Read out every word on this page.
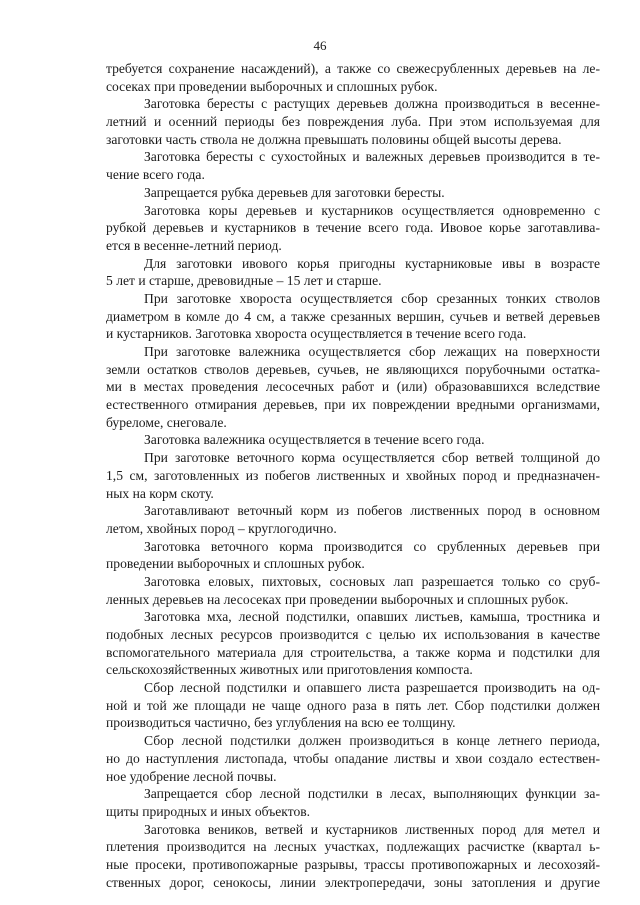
46
требуется сохранение насаждений), а также со свежесрубленных деревьев на ле-
сосеках при проведении выборочных и сплошных рубок.
Заготовка бересты с растущих деревьев должна производиться в весенне-
летний и осенний периоды без повреждения луба. При этом используемая для
заготовки часть ствола не должна превышать половины общей высоты дерева.
Заготовка бересты с сухостойных и валежных деревьев производится в те-
чение всего года.
Запрещается рубка деревьев для заготовки бересты.
Заготовка коры деревьев и кустарников осуществляется одновременно с
рубкой деревьев и кустарников в течение всего года. Ивовое корье заготавлива-
ется в весенне-летний период.
Для заготовки ивового корья пригодны кустарниковые ивы в возрасте
5 лет и старше, древовидные – 15 лет и старше.
При заготовке хвороста осуществляется сбор срезанных тонких стволов
диаметром в комле до 4 см, а также срезанных вершин, сучьев и ветвей деревьев
и кустарников. Заготовка хвороста осуществляется в течение всего года.
При заготовке валежника осуществляется сбор лежащих на поверхности
земли остатков стволов деревьев, сучьев, не являющихся порубочными остатка-
ми в местах проведения лесосечных работ и (или) образовавшихся вследствие
естественного отмирания деревьев, при их повреждении вредными организмами,
буреломе, снеговале.
Заготовка валежника осуществляется в течение всего года.
При заготовке веточного корма осуществляется сбор ветвей толщиной до
1,5 см, заготовленных из побегов лиственных и хвойных пород и предназначен-
ных на корм скоту.
Заготавливают веточный корм из побегов лиственных пород в основном
летом, хвойных пород – круглогодично.
Заготовка веточного корма производится со срубленных деревьев при
проведении выборочных и сплошных рубок.
Заготовка еловых, пихтовых, сосновых лап разрешается только со сруб-
ленных деревьев на лесосеках при проведении выборочных и сплошных рубок.
Заготовка мха, лесной подстилки, опавших листьев, камыша, тростника и
подобных лесных ресурсов производится с целью их использования в качестве
вспомогательного материала для строительства, а также корма и подстилки для
сельскохозяйственных животных или приготовления компоста.
Сбор лесной подстилки и опавшего листа разрешается производить на од-
ной и той же площади не чаще одного раза в пять лет. Сбор подстилки должен
производиться частично, без углубления на всю ее толщину.
Сбор лесной подстилки должен производиться в конце летнего периода,
но до наступления листопада, чтобы опадание листвы и хвои создало естествен-
ное удобрение лесной почвы.
Запрещается сбор лесной подстилки в лесах, выполняющих функции за-
щиты природных и иных объектов.
Заготовка веников, ветвей и кустарников лиственных пород для метел и
плетения производится на лесных участках, подлежащих расчистке (квартал ь-
ные просеки, противопожарные разрывы, трассы противопожарных и лесохозяй-
ственных дорог, сенокосы, линии электропередачи, зоны затопления и другие
